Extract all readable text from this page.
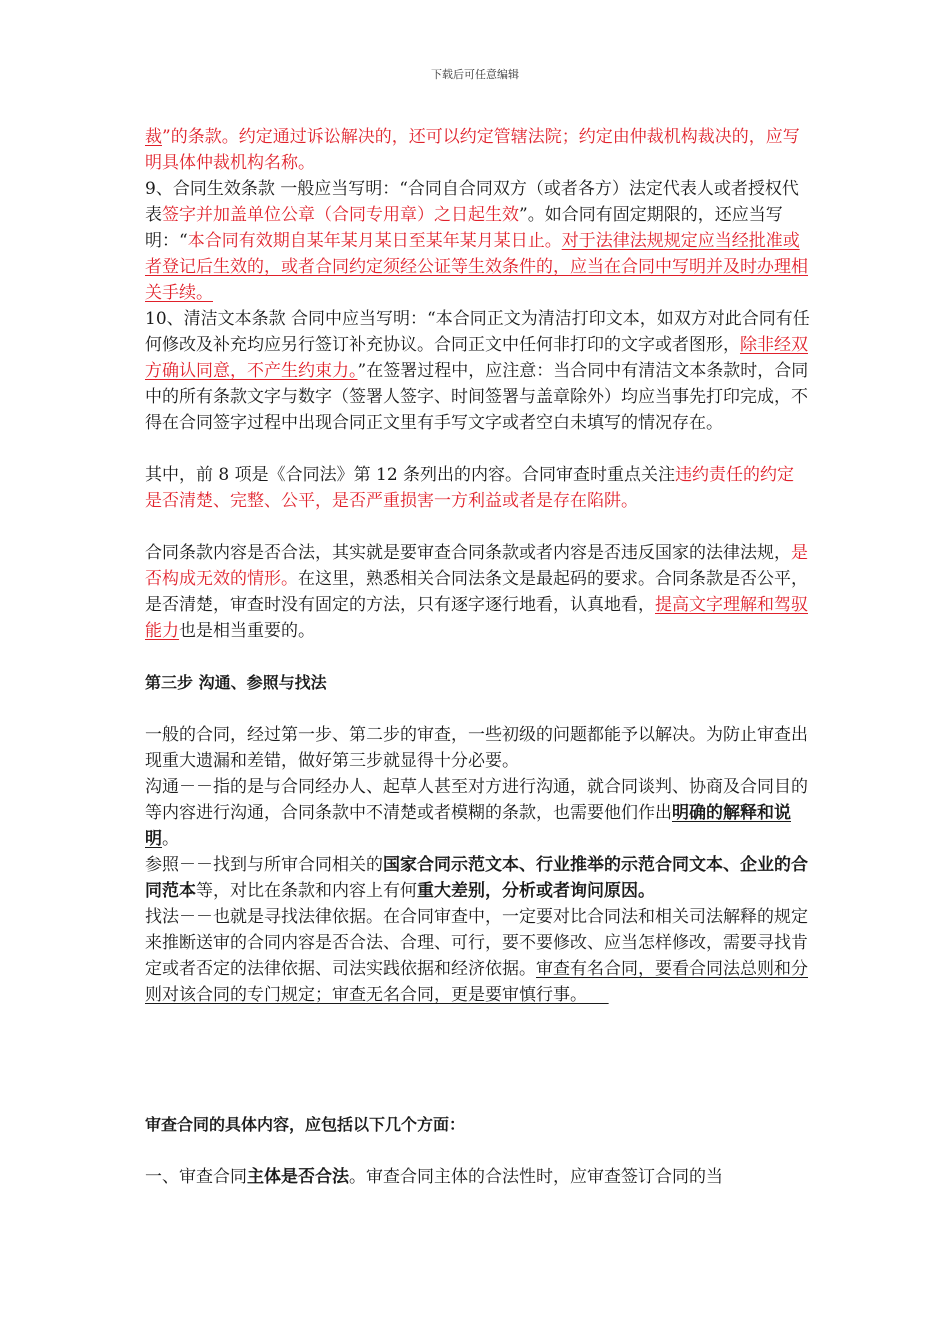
下载后可任意编辑

裁”的条款。约定通过诉讼解决的，还可以约定管辖法院；约定由仲裁机构裁决的，应写明具体仲裁机构名称。

9、合同生效条款 一般应当写明：“合同自合同双方（或者各方）法定代表人或者授权代表签字并加盖单位公章（合同专用章）之日起生效”。如合同有固定期限的，还应当写明：“本合同有效期自某年某月某日至某年某月某日止。对于法律法规规定应当经批准或者登记后生效的，或者合同约定须经公证等生效条件的，应当在合同中写明并及时办理相关手续。

10、清洁文本条款 合同中应当写明：“本合同正文为清洁打印文本，如双方对此合同有任何修改及补充均应另行签订补充协议。合同正文中任何非打印的文字或者图形，除非经双方确认同意，不产生约束力。”在签署过程中，应注意：当合同中有清洁文本条款时，合同中的所有条款文字与数字（签署人签字、时间签署与盖章除外）均应当事先打印完成，不得在合同签字过程中出现合同正文里有手写文字或者空白未填写的情况存在。

其中，前 8 项是《合同法》第 12 条列出的内容。合同审查时重点关注违约责任的约定是否清楚、完整、公平，是否严重损害一方利益或者是存在陷阱。

合同条款内容是否合法，其实就是要审查合同条款或者内容是否违反国家的法律法规，是否构成无效的情形。在这里，熟悉相关合同法条文是最起码的要求。合同条款是否公平，是否清楚，审查时没有固定的方法，只有逐字逐行地看，认真地看，提高文字理解和驾驭能力也是相当重要的。

第三步 沟通、参照与找法

一般的合同，经过第一步、第二步的审查，一些初级的问题都能予以解决。为防止审查出现重大遗漏和差错，做好第三步就显得十分必要。

沟通－－指的是与合同经办人、起草人甚至对方进行沟通，就合同谈判、协商及合同目的等内容进行沟通，合同条款中不清楚或者模糊的条款，也需要他们作出明确的解释和说明。

参照－－找到与所审合同相关的国家合同示范文本、行业推举的示范合同文本、企业的合同范本等，对比在条款和内容上有何重大差别，分析或者询问原因。

找法－－也就是寻找法律依据。在合同审查中，一定要对比合同法和相关司法解释的规定来推断送审的合同内容是否合法、合理、可行，要不要修改、应当怎样修改，需要寻找肯定或者否定的法律依据、司法实践依据和经济依据。审查有名合同，要看合同法总则和分则对该合同的专门规定；审查无名合同，更是要审慎行事。

审查合同的具体内容，应包括以下几个方面：

一、审查合同主体是否合法。审查合同主体的合法性时，应审查签订合同的当
